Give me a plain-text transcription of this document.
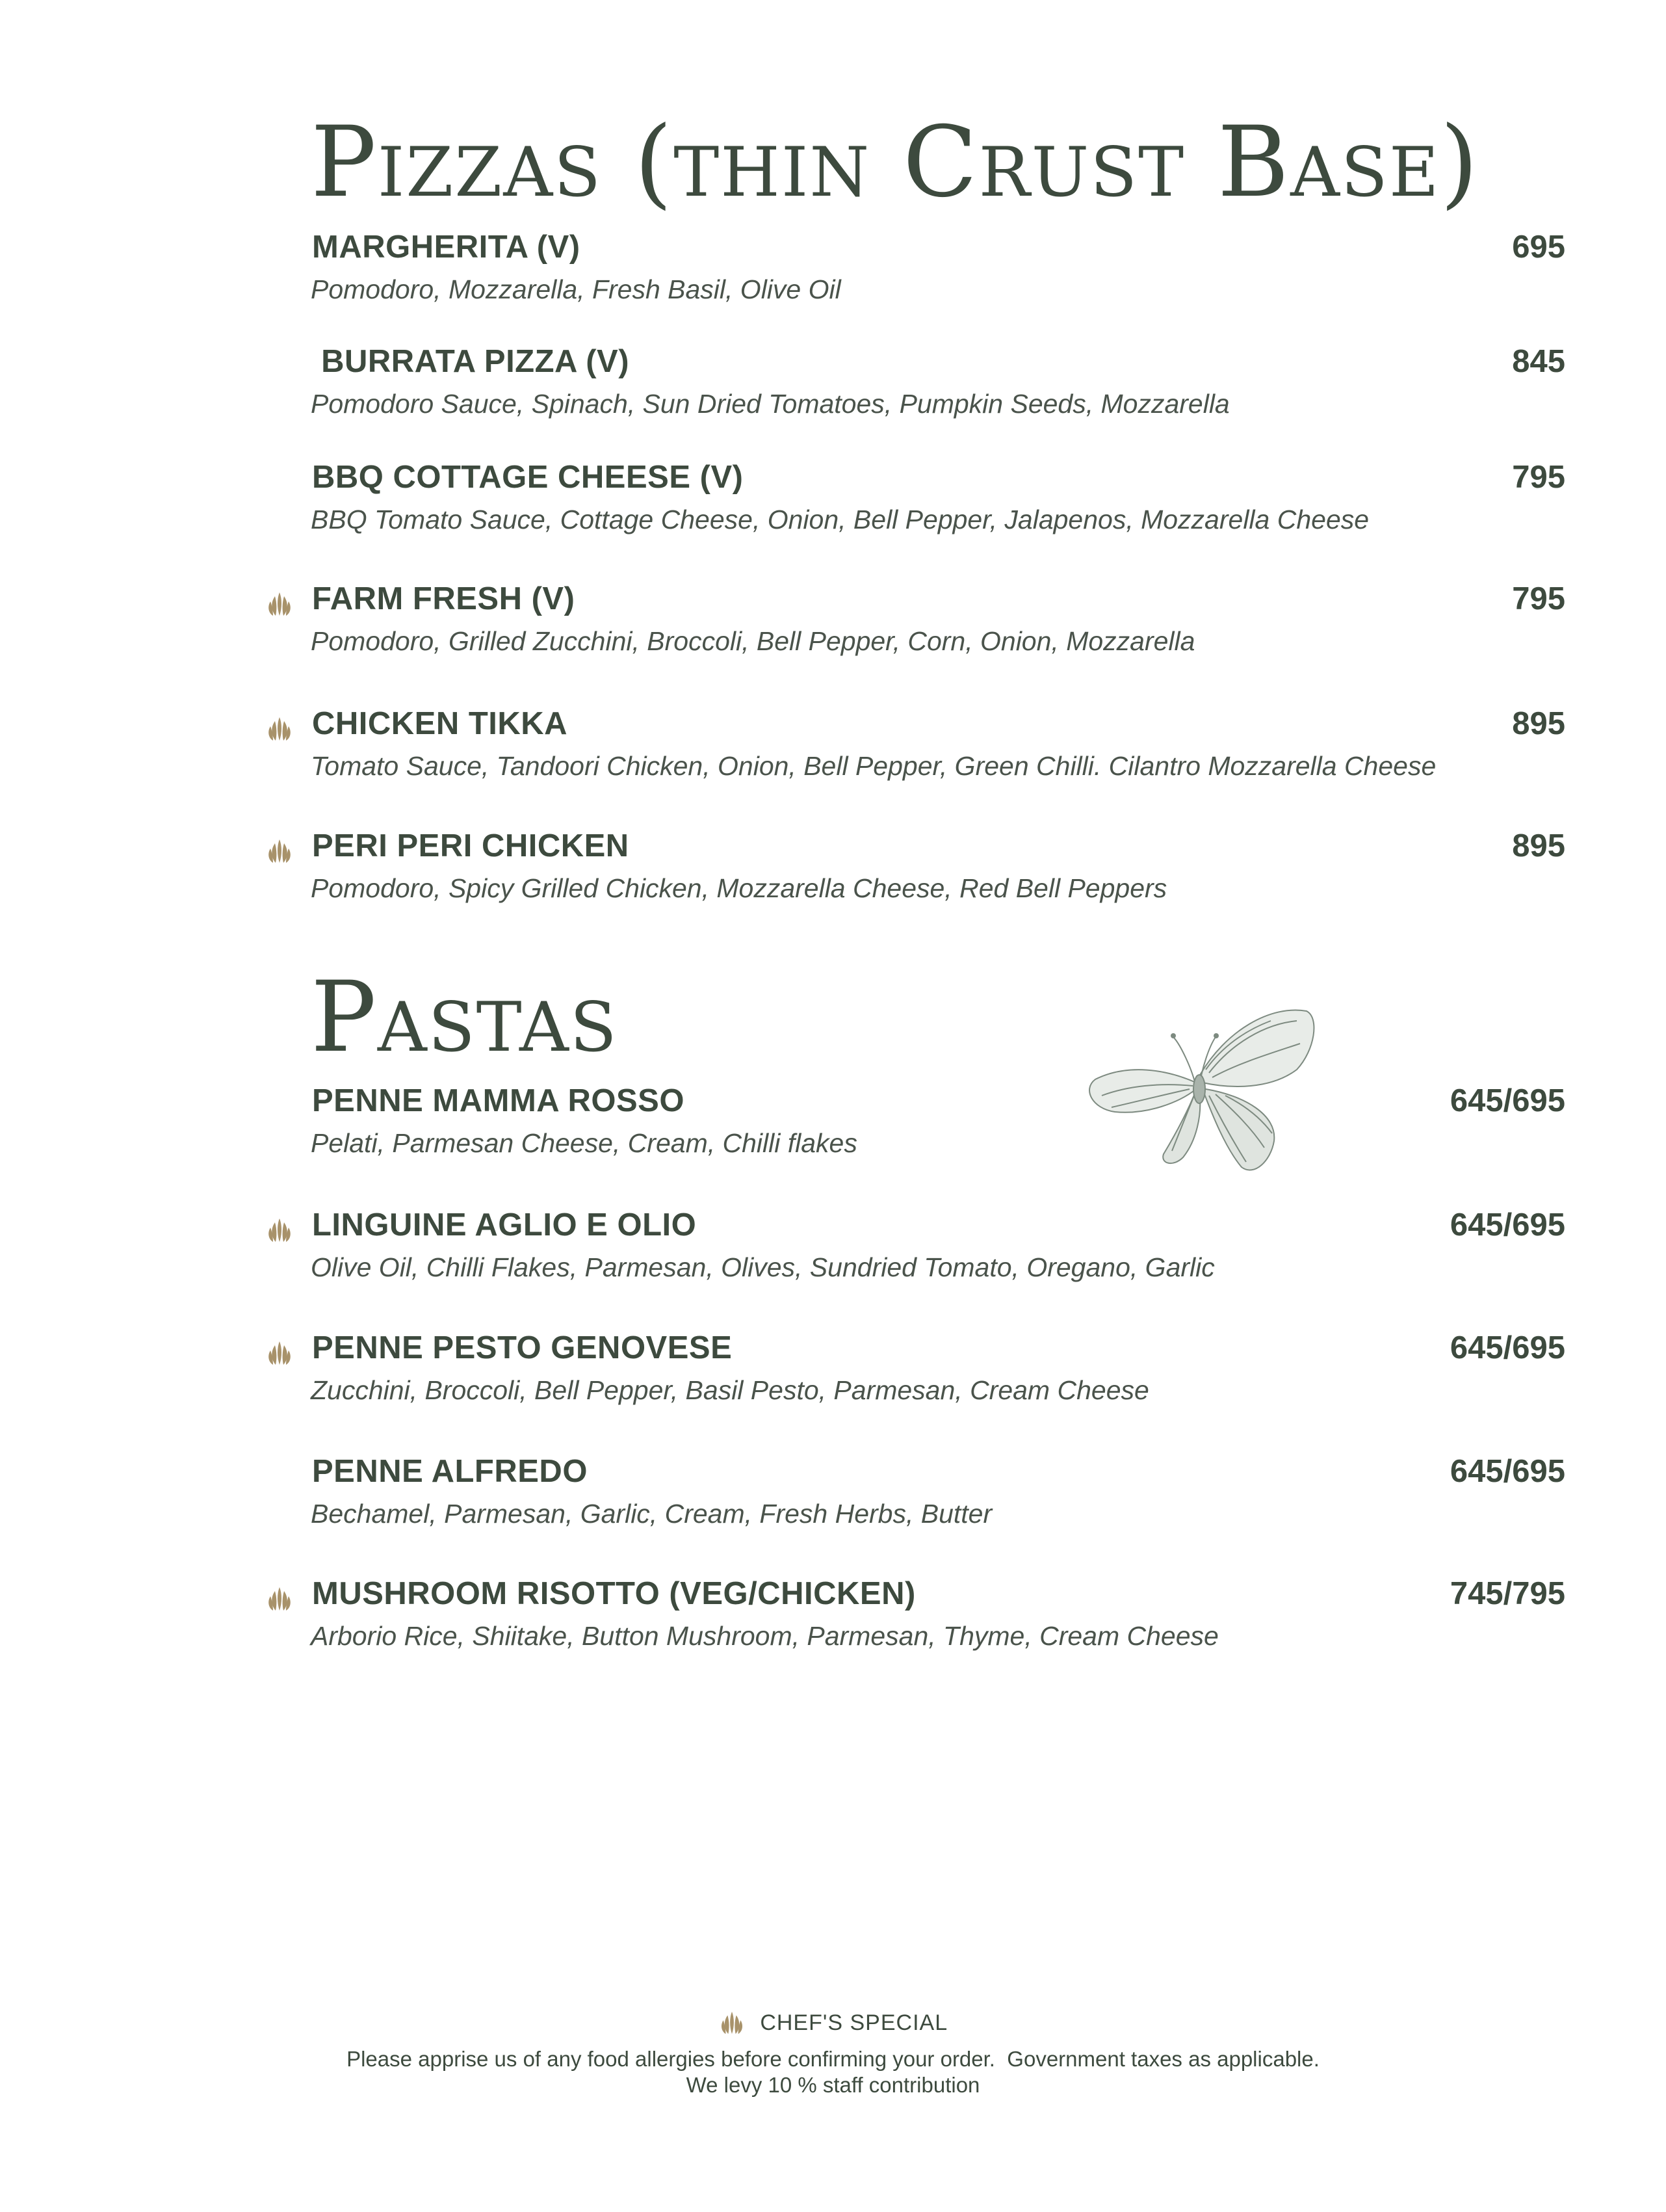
Pizzas (thin Crust Base)
MARGHERITA (V)	695
Pomodoro, Mozzarella, Fresh Basil, Olive Oil
BURRATA PIZZA (V)	845
Pomodoro Sauce, Spinach, Sun Dried Tomatoes, Pumpkin Seeds, Mozzarella
BBQ COTTAGE CHEESE (V)	795
BBQ Tomato Sauce, Cottage Cheese, Onion, Bell Pepper, Jalapenos, Mozzarella Cheese
FARM FRESH (V)	795
Pomodoro, Grilled Zucchini, Broccoli, Bell Pepper, Corn, Onion, Mozzarella
CHICKEN TIKKA	895
Tomato Sauce, Tandoori Chicken, Onion, Bell Pepper, Green Chilli. Cilantro Mozzarella Cheese
PERI PERI CHICKEN	895
Pomodoro, Spicy Grilled Chicken, Mozzarella Cheese, Red Bell Peppers
Pastas
PENNE MAMMA ROSSO	645/695
Pelati, Parmesan Cheese, Cream, Chilli flakes
LINGUINE AGLIO E OLIO	645/695
Olive Oil, Chilli Flakes, Parmesan, Olives, Sundried Tomato, Oregano, Garlic
PENNE PESTO GENOVESE	645/695
Zucchini, Broccoli, Bell Pepper, Basil Pesto, Parmesan, Cream Cheese
PENNE ALFREDO	645/695
Bechamel, Parmesan, Garlic, Cream, Fresh Herbs, Butter
MUSHROOM RISOTTO (VEG/CHICKEN)	745/795
Arborio Rice, Shiitake, Button Mushroom, Parmesan, Thyme, Cream Cheese
CHEF'S SPECIAL
Please apprise us of any food allergies before confirming your order.  Government taxes as applicable.
We levy 10 % staff contribution
